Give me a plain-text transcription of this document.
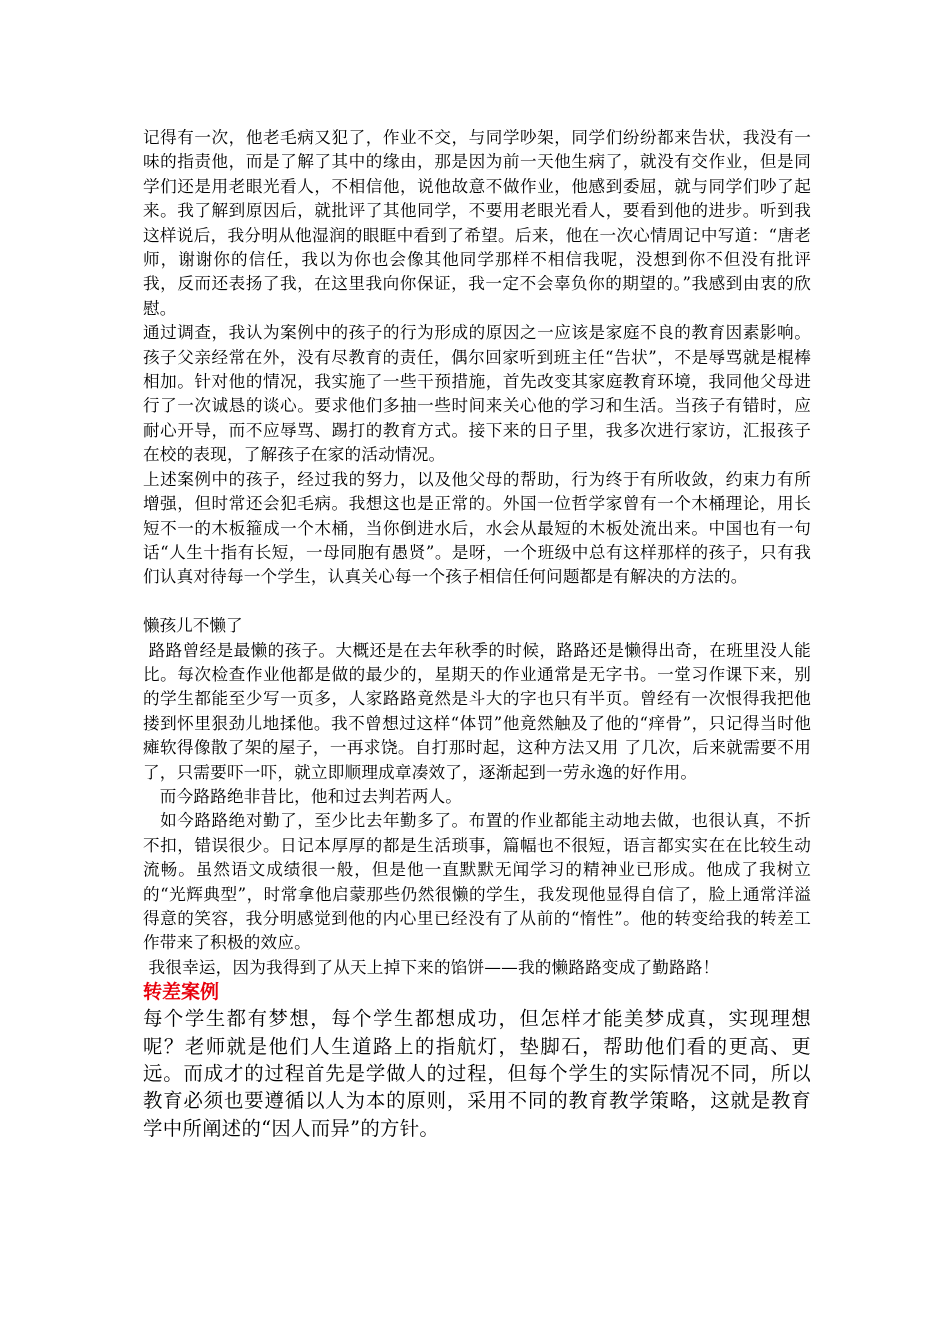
记得有一次，他老毛病又犯了，作业不交，与同学吵架，同学们纷纷都来告状，我没有一味的指责他，而是了解了其中的缘由，那是因为前一天他生病了，就没有交作业，但是同学们还是用老眼光看人，不相信他，说他故意不做作业，他感到委屈，就与同学们吵了起来。我了解到原因后，就批评了其他同学，不要用老眼光看人，要看到他的进步。听到我这样说后，我分明从他湿润的眼眶中看到了希望。后来，他在一次心情周记中写道：“唐老师，谢谢你的信任，我以为你也会像其他同学那样不相信我呢，没想到你不但没有批评我，反而还表扬了我，在这里我向你保证，我一定不会辜负你的期望的。”我感到由衷的欣慰。

通过调查，我认为案例中的孩子的行为形成的原因之一应该是家庭不良的教育因素影响。孩子父亲经常在外，没有尽教育的责任，偶尔回家听到班主任“告状”，不是辱骂就是棍棒相加。针对他的情况，我实施了一些干预措施，首先改变其家庭教育环境，我同他父母进行了一次诚恳的谈心。要求他们多抽一些时间来关心他的学习和生活。当孩子有错时，应耐心开导，而不应辱骂、踢打的教育方式。接下来的日子里，我多次进行家访，汇报孩子在校的表现，了解孩子在家的活动情况。

上述案例中的孩子，经过我的努力，以及他父母的帮助，行为终于有所收敛，约束力有所增强，但时常还会犯毛病。我想这也是正常的。外国一位哲学家曾有一个木桶理论，用长短不一的木板箍成一个木桶，当你倒进水后，水会从最短的木板处流出来。中国也有一句话“人生十指有长短，一母同胞有愚贤”。是呀，一个班级中总有这样那样的孩子，只有我们认真对待每一个学生，认真关心每一个孩子相信任何问题都是有解决的方法的。

懒孩儿不懒了

路路曾经是最懒的孩子。大概还是在去年秋季的时候，路路还是懒得出奇，在班里没人能比。每次检查作业他都是做的最少的，星期天的作业通常是无字书。一堂习作课下来，别的学生都能至少写一页多，人家路路竟然是斗大的字也只有半页。曾经有一次恨得我把他搂到怀里狠劲儿地揉他。我不曾想过这样“体罚”他竟然触及了他的“痒骨”，只记得当时他瘫软得像散了架的屋子，一再求饶。自打那时起，这种方法又用 了几次，后来就需要不用了，只需要吓一吓，就立即顺理成章凑效了，逐渐起到一劳永逸的好作用。

　而今路路绝非昔比，他和过去判若两人。

　如今路路绝对勤了，至少比去年勤多了。布置的作业都能主动地去做，也很认真，不折不扣，错误很少。日记本厚厚的都是生活琐事，篇幅也不很短，语言都实实在在比较生动流畅。虽然语文成绩很一般，但是他一直默默无闻学习的精神业已形成。他成了我树立的“光辉典型”，时常拿他启蒙那些仍然很懒的学生，我发现他显得自信了，脸上通常洋溢得意的笑容，我分明感觉到他的内心里已经没有了从前的“惰性”。他的转变给我的转差工作带来了积极的效应。

我很幸运，因为我得到了从天上掉下来的馅饼——我的懒路路变成了勤路路！

转差案例

每个学生都有梦想，每个学生都想成功，但怎样才能美梦成真，实现理想呢？老师就是他们人生道路上的指航灯，垫脚石，帮助他们看的更高、更远。而成才的过程首先是学做人的过程，但每个学生的实际情况不同，所以教育必须也要遵循以人为本的原则，采用不同的教育教学策略，这就是教育学中所阐述的“因人而异”的方针。
